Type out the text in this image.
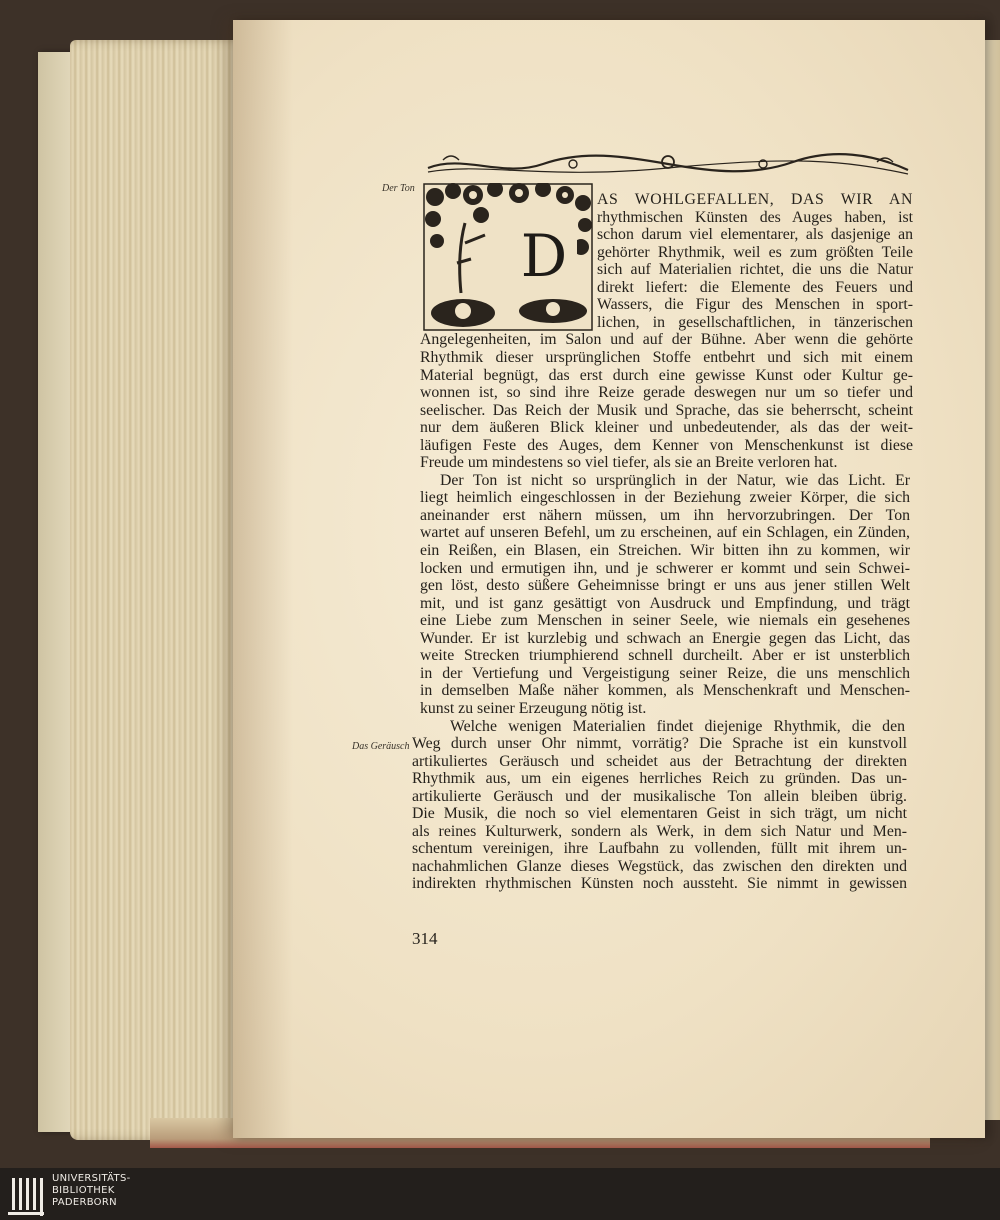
D
Der Ton
Das Geräusch
AS WOHLGEFALLEN, DAS WIR AN
rhythmischen Künsten des Auges haben, ist
schon darum viel elementarer, als dasjenige an
gehörter Rhythmik, weil es zum größten Teile
sich auf Materialien richtet, die uns die Natur
direkt liefert: die Elemente des Feuers und
Wassers, die Figur des Menschen in sport-
lichen, in gesellschaftlichen, in tänzerischen
Angelegenheiten, im Salon und auf der Bühne. Aber wenn die gehörte
Rhythmik dieser ursprünglichen Stoffe entbehrt und sich mit einem
Material begnügt, das erst durch eine gewisse Kunst oder Kultur ge-
wonnen ist, so sind ihre Reize gerade deswegen nur um so tiefer und
seelischer. Das Reich der Musik und Sprache, das sie beherrscht, scheint
nur dem äußeren Blick kleiner und unbedeutender, als das der weit-
läufigen Feste des Auges, dem Kenner von Menschenkunst ist diese
Freude um mindestens so viel tiefer, als sie an Breite verloren hat.
Der Ton ist nicht so ursprünglich in der Natur, wie das Licht. Er
liegt heimlich eingeschlossen in der Beziehung zweier Körper, die sich
aneinander erst nähern müssen, um ihn hervorzubringen. Der Ton
wartet auf unseren Befehl, um zu erscheinen, auf ein Schlagen, ein Zünden,
ein Reißen, ein Blasen, ein Streichen. Wir bitten ihn zu kommen, wir
locken und ermutigen ihn, und je schwerer er kommt und sein Schwei-
gen löst, desto süßere Geheimnisse bringt er uns aus jener stillen Welt
mit, und ist ganz gesättigt von Ausdruck und Empfindung, und trägt
eine Liebe zum Menschen in seiner Seele, wie niemals ein gesehenes
Wunder. Er ist kurzlebig und schwach an Energie gegen das Licht, das
weite Strecken triumphierend schnell durcheilt. Aber er ist unsterblich
in der Vertiefung und Vergeistigung seiner Reize, die uns menschlich
in demselben Maße näher kommen, als Menschenkraft und Menschen-
kunst zu seiner Erzeugung nötig ist.
Welche wenigen Materialien findet diejenige Rhythmik, die den
Weg durch unser Ohr nimmt, vorrätig? Die Sprache ist ein kunstvoll
artikuliertes Geräusch und scheidet aus der Betrachtung der direkten
Rhythmik aus, um ein eigenes herrliches Reich zu gründen. Das un-
artikulierte Geräusch und der musikalische Ton allein bleiben übrig.
Die Musik, die noch so viel elementaren Geist in sich trägt, um nicht
als reines Kulturwerk, sondern als Werk, in dem sich Natur und Men-
schentum vereinigen, ihre Laufbahn zu vollenden, füllt mit ihrem un-
nachahmlichen Glanze dieses Wegstück, das zwischen den direkten und
indirekten rhythmischen Künsten noch aussteht. Sie nimmt in gewissen
314
UNIVERSITÄTS-
BIBLIOTHEK
PADERBORN
